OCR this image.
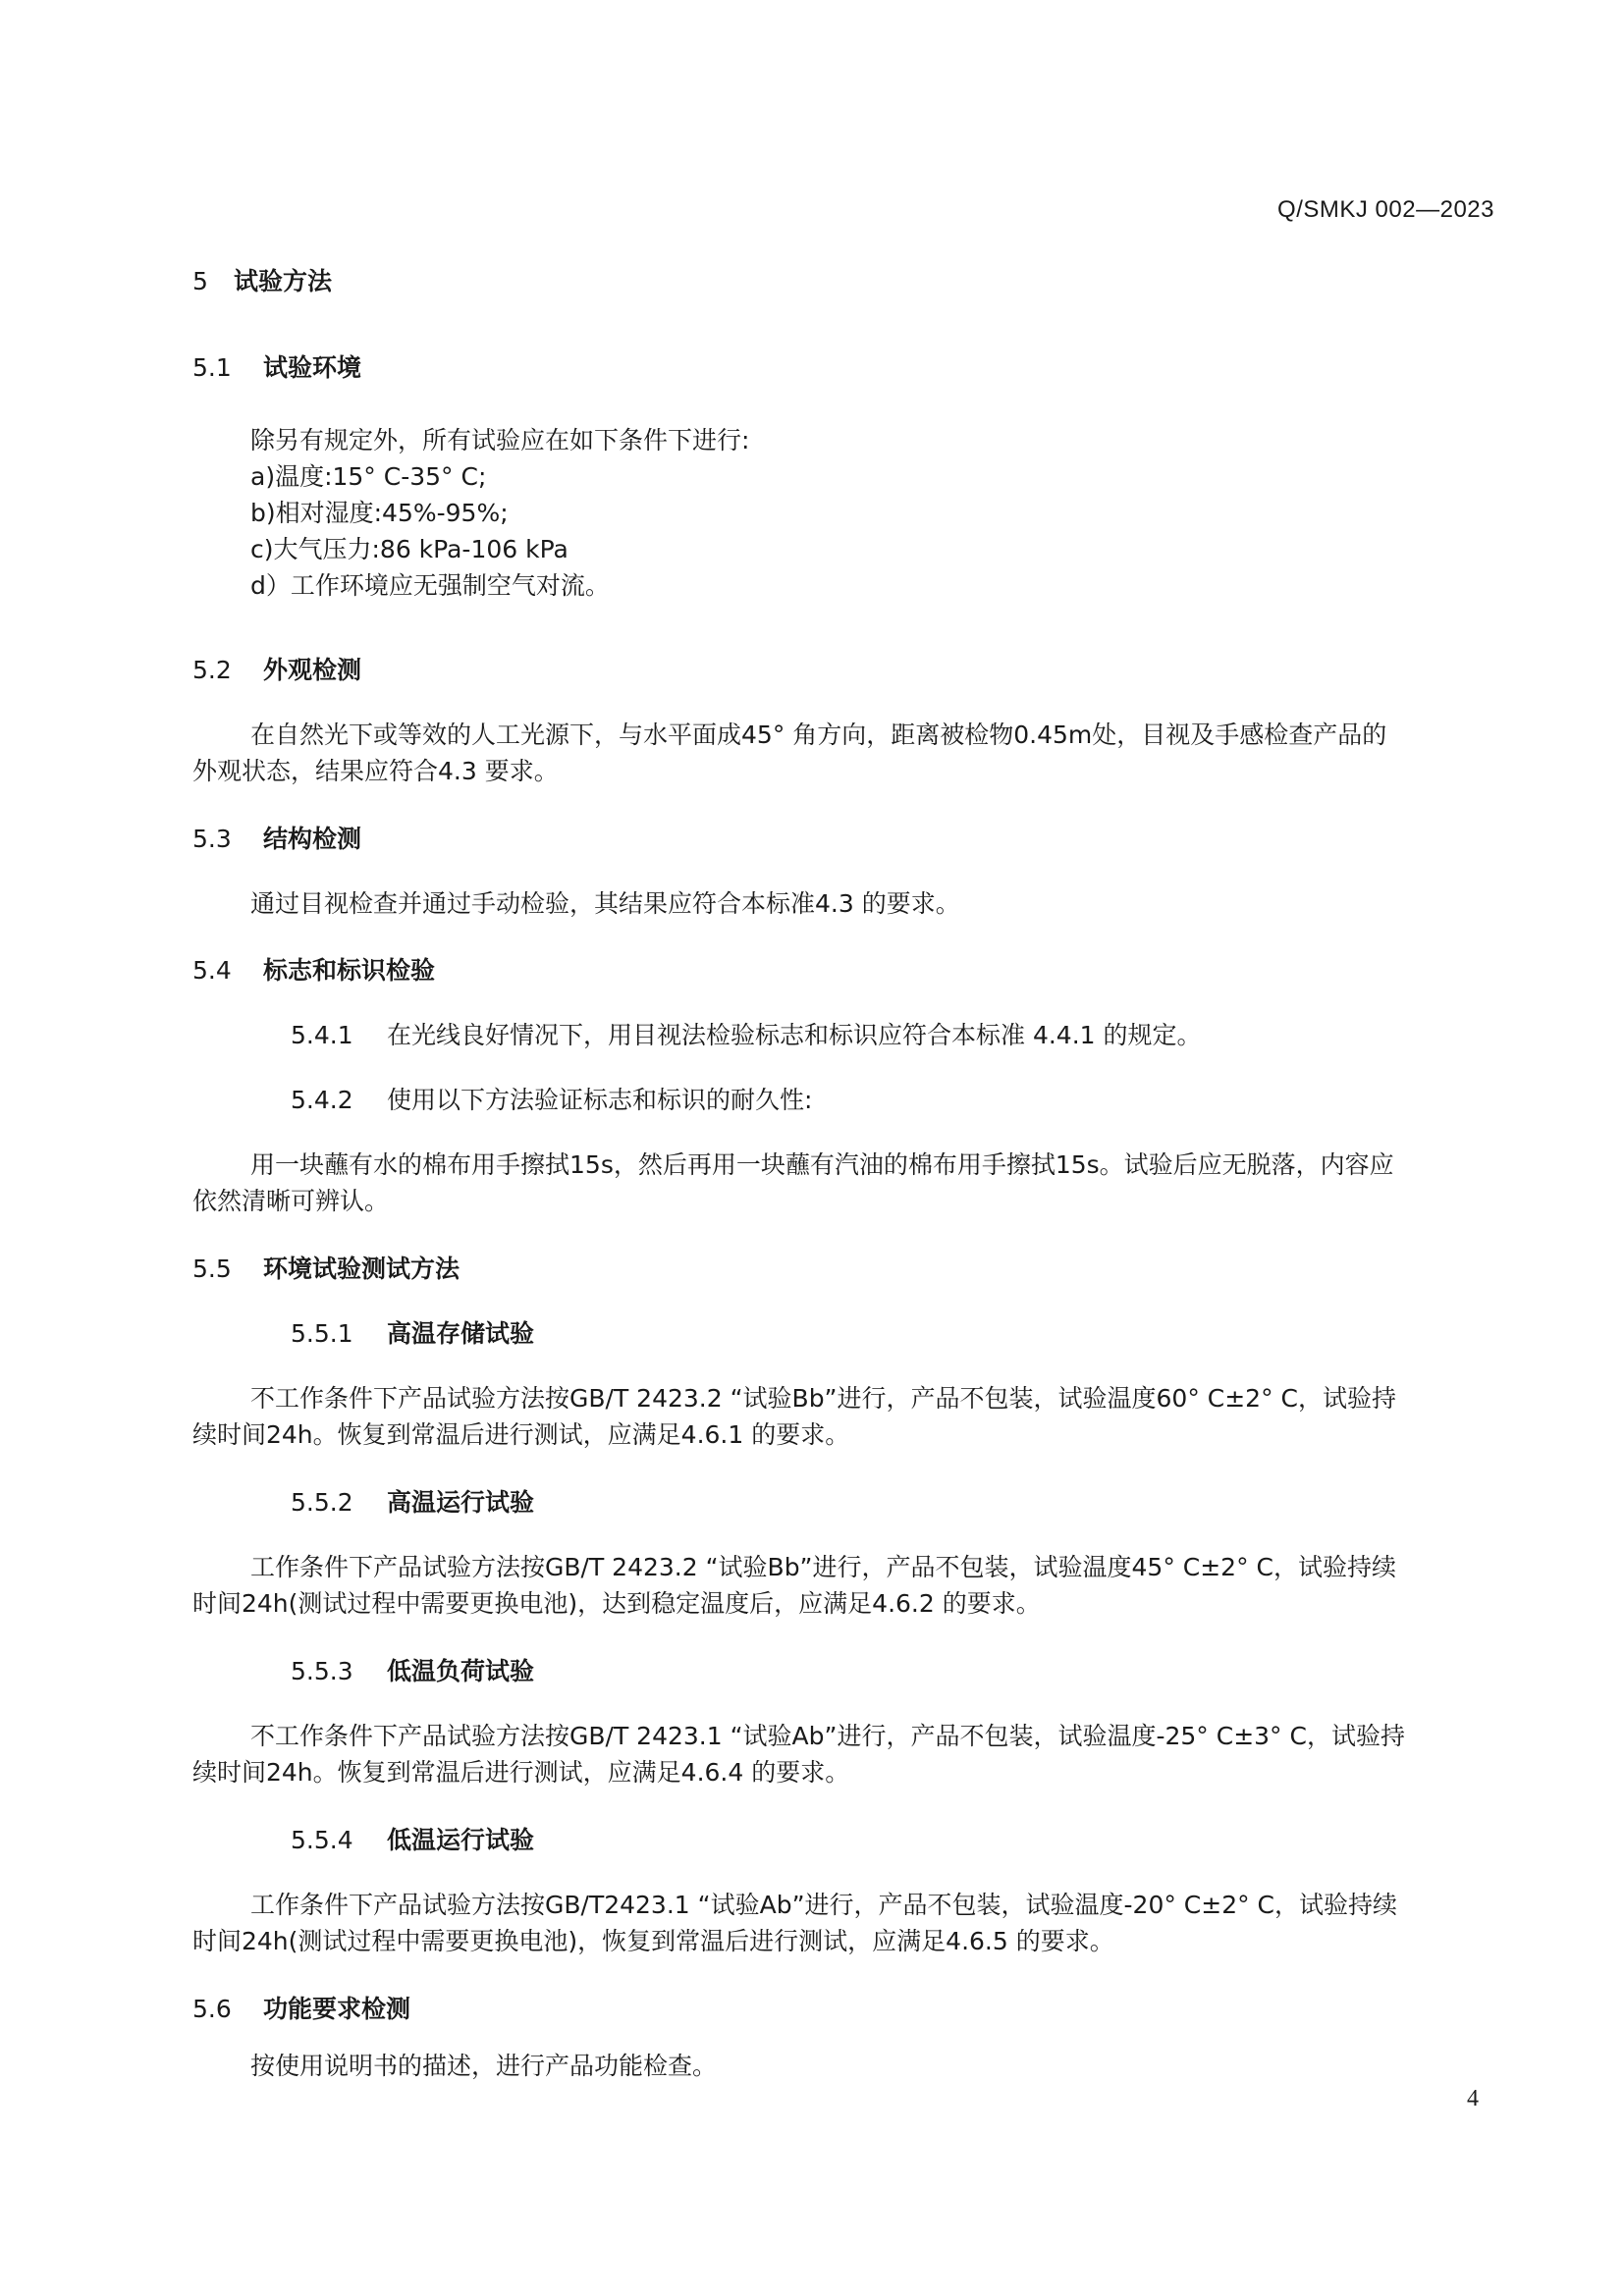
Q/SMKJ 002—2023
5 试验方法
5.1 试验环境
除另有规定外，所有试验应在如下条件下进行:
a)温度:15° C-35° C;
b)相对湿度:45%-95%;
c)大气压力:86 kPa-106 kPa
d）工作环境应无强制空气对流。
5.2 外观检测
在自然光下或等效的人工光源下，与水平面成45° 角方向，距离被检物0.45m处，目视及手感检查产品的
外观状态，结果应符合4.3 要求。
5.3 结构检测
通过目视检查并通过手动检验，其结果应符合本标准4.3 的要求。
5.4 标志和标识检验
5.4.1 在光线良好情况下，用目视法检验标志和标识应符合本标准 4.4.1 的规定。
5.4.2 使用以下方法验证标志和标识的耐久性:
用一块蘸有水的棉布用手擦拭15s，然后再用一块蘸有汽油的棉布用手擦拭15s。试验后应无脱落，内容应
依然清晰可辨认。
5.5 环境试验测试方法
5.5.1 高温存储试验
不工作条件下产品试验方法按GB/T 2423.2 “试验Bb”进行，产品不包装，试验温度60° C±2° C，试验持
续时间24h。恢复到常温后进行测试，应满足4.6.1 的要求。
5.5.2 高温运行试验
工作条件下产品试验方法按GB/T 2423.2 “试验Bb”进行，产品不包装，试验温度45° C±2° C，试验持续
时间24h(测试过程中需要更换电池)，达到稳定温度后，应满足4.6.2 的要求。
5.5.3 低温负荷试验
不工作条件下产品试验方法按GB/T 2423.1 “试验Ab”进行，产品不包装，试验温度-25° C±3° C，试验持
续时间24h。恢复到常温后进行测试，应满足4.6.4 的要求。
5.5.4 低温运行试验
工作条件下产品试验方法按GB/T2423.1 “试验Ab”进行，产品不包装，试验温度-20° C±2° C，试验持续
时间24h(测试过程中需要更换电池)，恢复到常温后进行测试，应满足4.6.5 的要求。
5.6 功能要求检测
按使用说明书的描述，进行产品功能检查。
4
